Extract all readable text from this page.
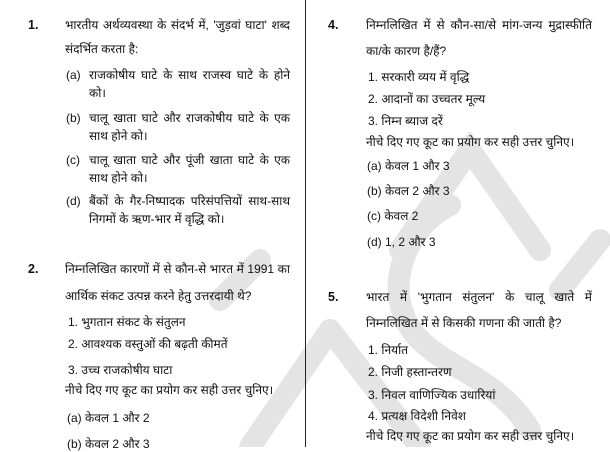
1. भारतीय अर्थव्यवस्था के संदर्भ में, 'जुड़वां घाटा' शब्द
संदर्भित करता है:
(a) राजकोषीय घाटे के साथ राजस्व घाटे के होने
को।
(b) चालू खाता घाटे और राजकोषीय घाटे के एक
साथ होने को।
(c) चालू खाता घाटे और पूंजी खाता घाटे के एक
साथ होने को।
(d) बैंकों के गैर-निष्पादक परिसंपत्तियों साथ-साथ
निगमों के ऋण-भार में वृद्धि को।
2. निम्नलिखित कारणों में से कौन-से भारत में 1991 का
आर्थिक संकट उत्पन्न करने हेतु उत्तरदायी थे?
1. भुगतान संकट के संतुलन
2. आवश्यक वस्तुओं की बढ़ती कीमतें
3. उच्च राजकोषीय घाटा
नीचे दिए गए कूट का प्रयोग कर सही उत्तर चुनिए।
(a) केवल 1 और 2
(b) केवल 2 और 3
4. निम्नलिखित में से कौन-सा/से मांग-जन्य मुद्रास्फीति
का/के कारण है/हैं?
1. सरकारी व्यय में वृद्धि
2. आदानों का उच्चतर मूल्य
3. निम्न ब्याज दरें
नीचे दिए गए कूट का प्रयोग कर सही उत्तर चुनिए।
(a) केवल 1 और 3
(b) केवल 2 और 3
(c) केवल 2
(d) 1, 2 और 3
5. भारत में 'भुगतान संतुलन' के चालू खाते में
निम्नलिखित में से किसकी गणना की जाती है?
1. निर्यात
2. निजी हस्तान्तरण
3. निवल वाणिज्यिक उधारियां
4. प्रत्यक्ष विदेशी निवेश
नीचे दिए गए कूट का प्रयोग कर सही उत्तर चुनिए।
